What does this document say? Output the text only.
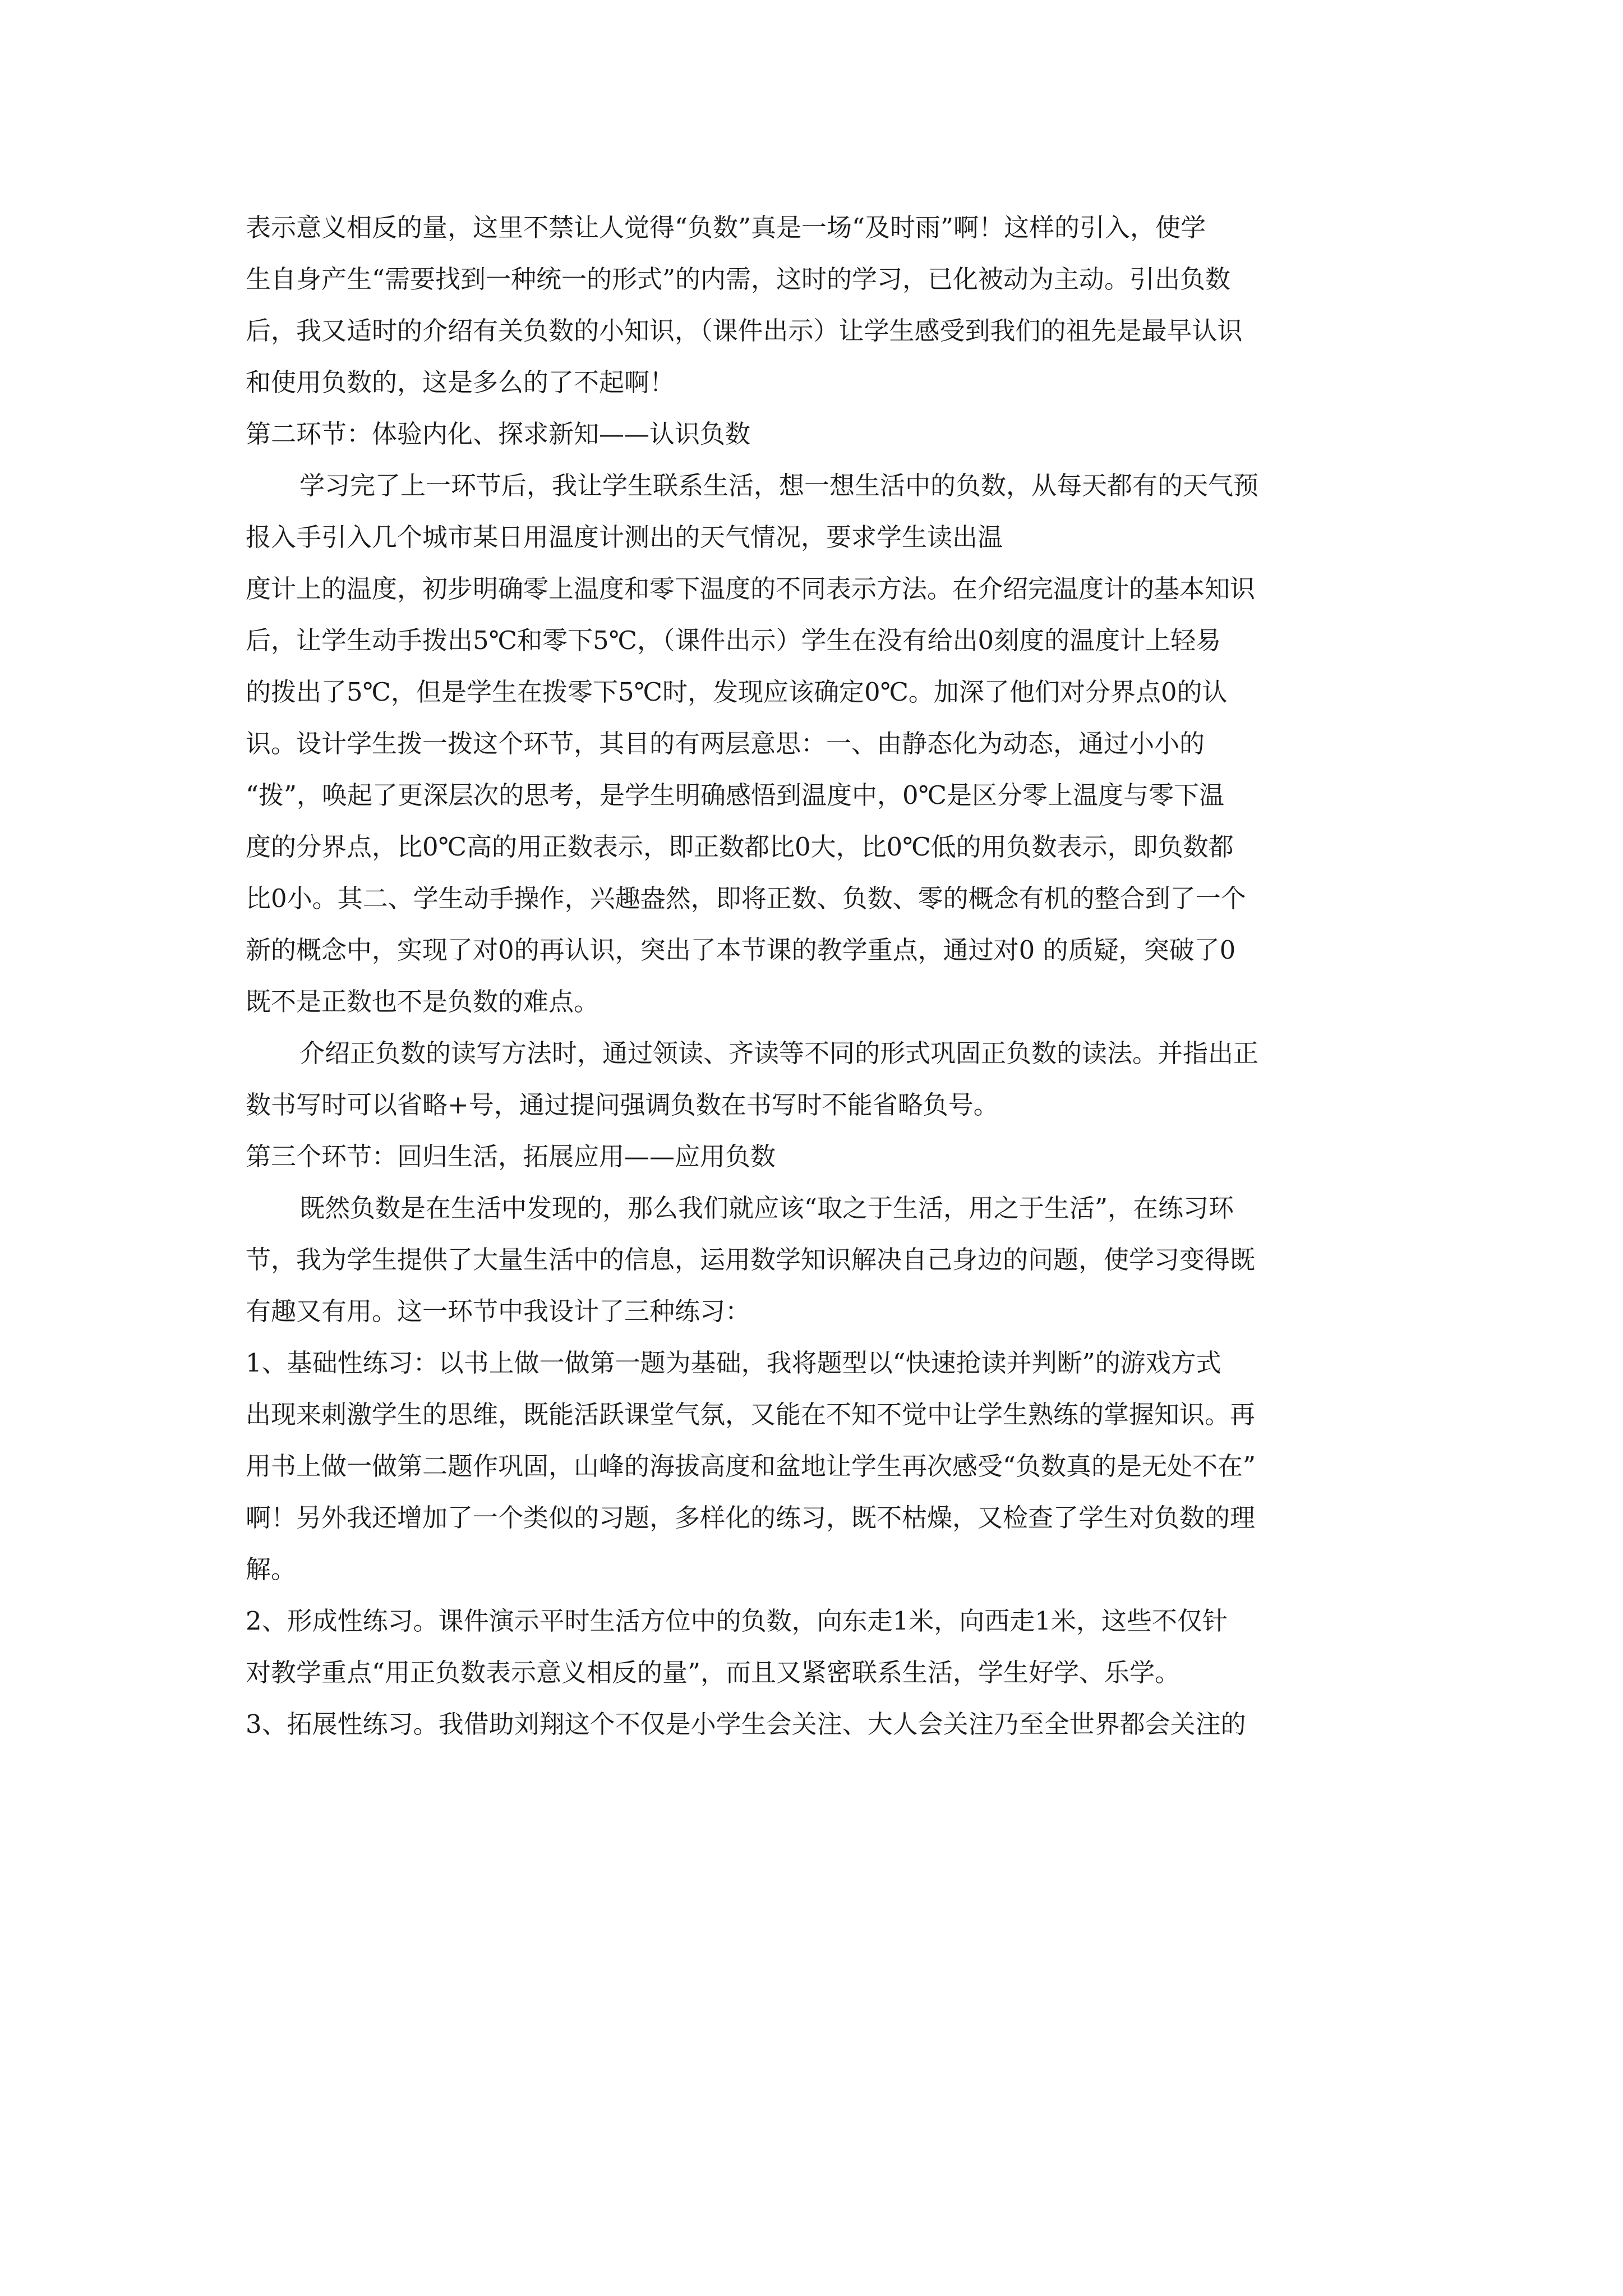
表示意义相反的量，这里不禁让人觉得“负数”真是一场“及时雨”啊！这样的引入，使学
生自身产生“需要找到一种统一的形式”的内需，这时的学习，已化被动为主动。引出负数
后，我又适时的介绍有关负数的小知识，（课件出示）让学生感受到我们的祖先是最早认识
和使用负数的，这是多么的了不起啊！
第二环节：体验内化、探求新知——认识负数
学习完了上一环节后，我让学生联系生活，想一想生活中的负数，从每天都有的天气预
报入手引入几个城市某日用温度计测出的天气情况，要求学生读出温
度计上的温度，初步明确零上温度和零下温度的不同表示方法。在介绍完温度计的基本知识
后，让学生动手拨出5℃和零下5℃，（课件出示）学生在没有给出0刻度的温度计上轻易
的拨出了5℃，但是学生在拨零下5℃时，发现应该确定0℃。加深了他们对分界点0的认
识。设计学生拨一拨这个环节，其目的有两层意思：一、由静态化为动态，通过小小的
“拨”，唤起了更深层次的思考，是学生明确感悟到温度中，0℃是区分零上温度与零下温
度的分界点，比0℃高的用正数表示，即正数都比0大，比0℃低的用负数表示，即负数都
比0小。其二、学生动手操作，兴趣盎然，即将正数、负数、零的概念有机的整合到了一个
新的概念中，实现了对0的再认识，突出了本节课的教学重点，通过对0 的质疑，突破了0
既不是正数也不是负数的难点。
介绍正负数的读写方法时，通过领读、齐读等不同的形式巩固正负数的读法。并指出正
数书写时可以省略+号，通过提问强调负数在书写时不能省略负号。
第三个环节：回归生活，拓展应用——应用负数
既然负数是在生活中发现的，那么我们就应该“取之于生活，用之于生活”，在练习环
节，我为学生提供了大量生活中的信息，运用数学知识解决自己身边的问题，使学习变得既
有趣又有用。这一环节中我设计了三种练习：
1、基础性练习：以书上做一做第一题为基础，我将题型以“快速抢读并判断”的游戏方式
出现来刺激学生的思维，既能活跃课堂气氛，又能在不知不觉中让学生熟练的掌握知识。再
用书上做一做第二题作巩固，山峰的海拔高度和盆地让学生再次感受“负数真的是无处不在”
啊！另外我还增加了一个类似的习题，多样化的练习，既不枯燥，又检查了学生对负数的理
解。
2、形成性练习。课件演示平时生活方位中的负数，向东走1米，向西走1米，这些不仅针
对教学重点“用正负数表示意义相反的量”，而且又紧密联系生活，学生好学、乐学。
3、拓展性练习。我借助刘翔这个不仅是小学生会关注、大人会关注乃至全世界都会关注的
